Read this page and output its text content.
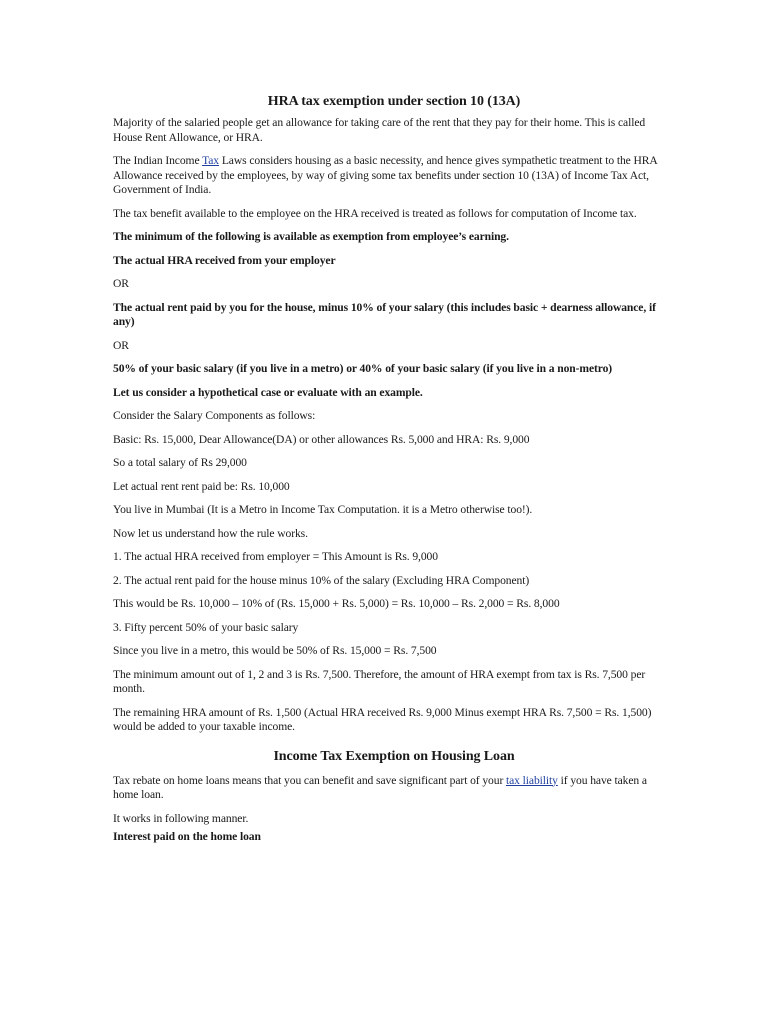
HRA tax exemption under section 10 (13A)

Majority of the salaried people get an allowance for taking care of the rent that they pay for their home. This is called House Rent Allowance, or HRA.

The Indian Income Tax Laws considers housing as a basic necessity, and hence gives sympathetic treatment to the HRA Allowance received by the employees, by way of giving some tax benefits under section 10 (13A) of Income Tax Act, Government of India.

The tax benefit available to the employee on the HRA received is treated as follows for computation of Income tax.

The minimum of the following is available as exemption from employee’s earning.

The actual HRA received from your employer

OR

The actual rent paid by you for the house, minus 10% of your salary (this includes basic + dearness allowance, if any)

OR

50% of your basic salary (if you live in a metro) or 40% of your basic salary (if you live in a non-metro)

Let us consider a hypothetical case or evaluate with an example.

Consider the Salary Components as follows:

Basic: Rs. 15,000, Dear Allowance(DA) or other allowances Rs. 5,000 and HRA: Rs. 9,000

So a total salary of Rs 29,000

Let actual rent rent paid be: Rs. 10,000

You live in Mumbai (It is a Metro in Income Tax Computation. it is a Metro otherwise too!).

Now let us understand how the rule works.

1. The actual HRA received from employer = This Amount is Rs. 9,000

2. The actual rent paid for the house minus 10% of the salary (Excluding HRA Component)

This would be Rs. 10,000 – 10% of (Rs. 15,000 + Rs. 5,000) = Rs. 10,000 – Rs. 2,000 = Rs. 8,000

3. Fifty percent 50% of your basic salary

Since you live in a metro, this would be 50% of Rs. 15,000 = Rs. 7,500

The minimum amount out of 1, 2 and 3 is Rs. 7,500. Therefore, the amount of HRA exempt from tax is Rs. 7,500 per month.

The remaining HRA amount of Rs. 1,500 (Actual HRA received Rs. 9,000 Minus exempt HRA Rs. 7,500 = Rs. 1,500) would be added to your taxable income.

Income Tax Exemption on Housing Loan

Tax rebate on home loans means that you can benefit and save significant part of your tax liability if you have taken a home loan.

It works in following manner.

Interest paid on the home loan
